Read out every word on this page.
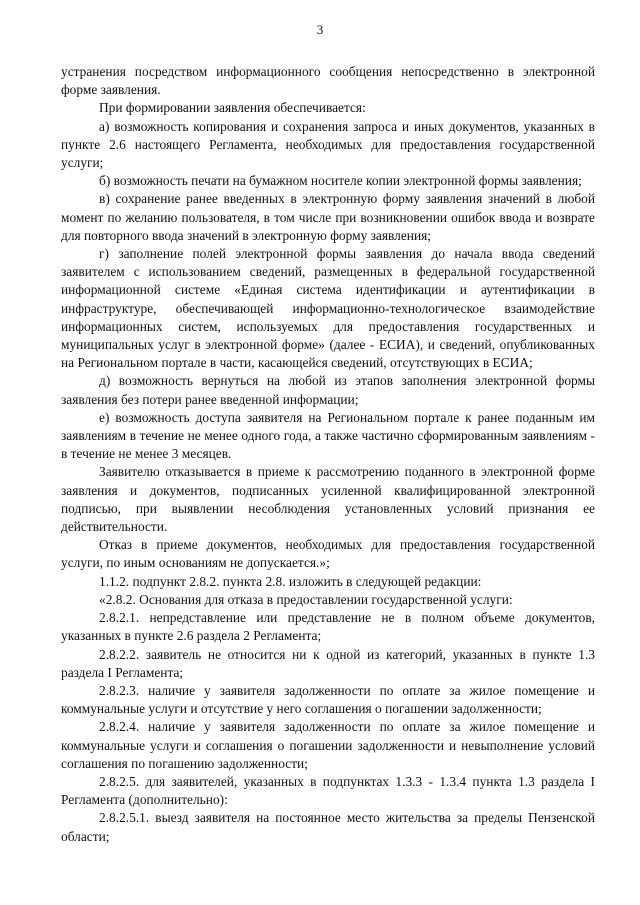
3

устранения посредством информационного сообщения непосредственно в электронной форме заявления.

При формировании заявления обеспечивается:

а) возможность копирования и сохранения запроса и иных документов, указанных в пункте 2.6 настоящего Регламента, необходимых для предоставления государственной услуги;

б) возможность печати на бумажном носителе копии электронной формы заявления;

в) сохранение ранее введенных в электронную форму заявления значений в любой момент по желанию пользователя, в том числе при возникновении ошибок ввода и возврате для повторного ввода значений в электронную форму заявления;

г) заполнение полей электронной формы заявления до начала ввода сведений заявителем с использованием сведений, размещенных в федеральной государственной информационной системе «Единая система идентификации и аутентификации в инфраструктуре, обеспечивающей информационно-технологическое взаимодействие информационных систем, используемых для предоставления государственных и муниципальных услуг в электронной форме» (далее - ЕСИА), и сведений, опубликованных на Региональном портале в части, касающейся сведений, отсутствующих в ЕСИА;

д) возможность вернуться на любой из этапов заполнения электронной формы заявления без потери ранее введенной информации;

е) возможность доступа заявителя на Региональном портале к ранее поданным им заявлениям в течение не менее одного года, а также частично сформированным заявлениям - в течение не менее 3 месяцев.

Заявителю отказывается в приеме к рассмотрению поданного в электронной форме заявления и документов, подписанных усиленной квалифицированной электронной подписью, при выявлении несоблюдения установленных условий признания ее действительности.

Отказ в приеме документов, необходимых для предоставления государственной услуги, по иным основаниям не допускается.»;

1.1.2. подпункт 2.8.2. пункта 2.8. изложить в следующей редакции:

«2.8.2. Основания для отказа в предоставлении государственной услуги:

2.8.2.1. непредставление или представление не в полном объеме документов, указанных в пункте 2.6 раздела 2 Регламента;

2.8.2.2. заявитель не относится ни к одной из категорий, указанных в пункте 1.3 раздела I Регламента;

2.8.2.3. наличие у заявителя задолженности по оплате за жилое помещение и коммунальные услуги и отсутствие у него соглашения о погашении задолженности;

2.8.2.4. наличие у заявителя задолженности по оплате за жилое помещение и коммунальные услуги и соглашения о погашении задолженности и невыполнение условий соглашения по погашению задолженности;

2.8.2.5. для заявителей, указанных в подпунктах 1.3.3 - 1.3.4 пункта 1.3 раздела I Регламента (дополнительно):

2.8.2.5.1. выезд заявителя на постоянное место жительства за пределы Пензенской области;
